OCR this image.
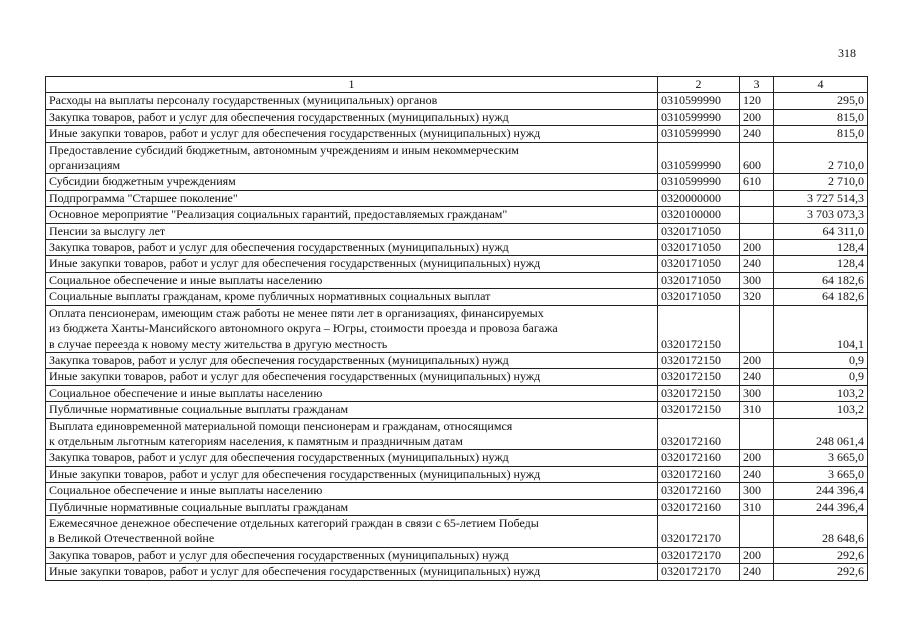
318
1	2	3	4
Расходы на выплаты персоналу государственных (муниципальных) органов	0310599990	120	295,0
Закупка товаров, работ и услуг для обеспечения государственных (муниципальных) нужд	0310599990	200	815,0
Иные закупки товаров, работ и услуг для обеспечения государственных (муниципальных) нужд	0310599990	240	815,0
Предоставление субсидий бюджетным, автономным учреждениям и иным некоммерческим
организациям	0310599990	600	2 710,0
Субсидии бюджетным учреждениям	0310599990	610	2 710,0
Подпрограмма "Старшее поколение"	0320000000		3 727 514,3
Основное мероприятие "Реализация социальных гарантий, предоставляемых гражданам"	0320100000		3 703 073,3
Пенсии за выслугу лет	0320171050		64 311,0
Закупка товаров, работ и услуг для обеспечения государственных (муниципальных) нужд	0320171050	200	128,4
Иные закупки товаров, работ и услуг для обеспечения государственных (муниципальных) нужд	0320171050	240	128,4
Социальное обеспечение и иные выплаты населению	0320171050	300	64 182,6
Социальные выплаты гражданам, кроме публичных нормативных социальных выплат	0320171050	320	64 182,6
Оплата пенсионерам, имеющим стаж работы не менее пяти лет в организациях, финансируемых
из бюджета Ханты-Мансийского автономного округа – Югры, стоимости проезда и провоза багажа
в случае переезда к новому месту жительства в другую местность	0320172150		104,1
Закупка товаров, работ и услуг для обеспечения государственных (муниципальных) нужд	0320172150	200	0,9
Иные закупки товаров, работ и услуг для обеспечения государственных (муниципальных) нужд	0320172150	240	0,9
Социальное обеспечение и иные выплаты населению	0320172150	300	103,2
Публичные нормативные социальные выплаты гражданам	0320172150	310	103,2
Выплата единовременной материальной помощи пенсионерам и гражданам, относящимся
к отдельным льготным категориям населения, к памятным и праздничным датам	0320172160		248 061,4
Закупка товаров, работ и услуг для обеспечения государственных (муниципальных) нужд	0320172160	200	3 665,0
Иные закупки товаров, работ и услуг для обеспечения государственных (муниципальных) нужд	0320172160	240	3 665,0
Социальное обеспечение и иные выплаты населению	0320172160	300	244 396,4
Публичные нормативные социальные выплаты гражданам	0320172160	310	244 396,4
Ежемесячное денежное обеспечение отдельных категорий граждан в связи с 65-летием Победы
в Великой Отечественной войне	0320172170		28 648,6
Закупка товаров, работ и услуг для обеспечения государственных (муниципальных) нужд	0320172170	200	292,6
Иные закупки товаров, работ и услуг для обеспечения государственных (муниципальных) нужд	0320172170	240	292,6
